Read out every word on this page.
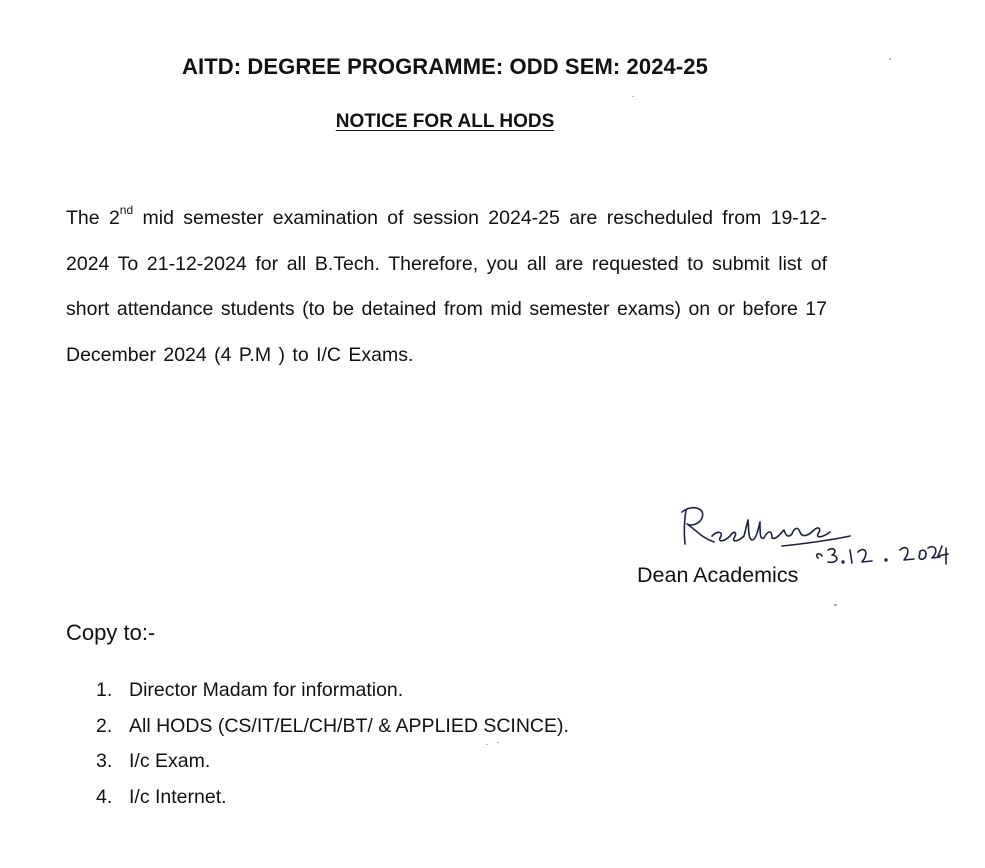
AITD: DEGREE PROGRAMME: ODD SEM: 2024-25
NOTICE FOR ALL HODS
The 2nd mid semester examination of session 2024-25 are rescheduled from 19-12-2024 To 21-12-2024 for all B.Tech. Therefore, you all are requested to submit list of short attendance students (to be detained from mid semester exams) on or before 17 December 2024 (4 P.M ) to I/C Exams.
Dean Academics
Copy to:-
1. Director Madam for information.
2. All HODS (CS/IT/EL/CH/BT/ & APPLIED SCINCE).
3. I/c Exam.
4. I/c Internet.
